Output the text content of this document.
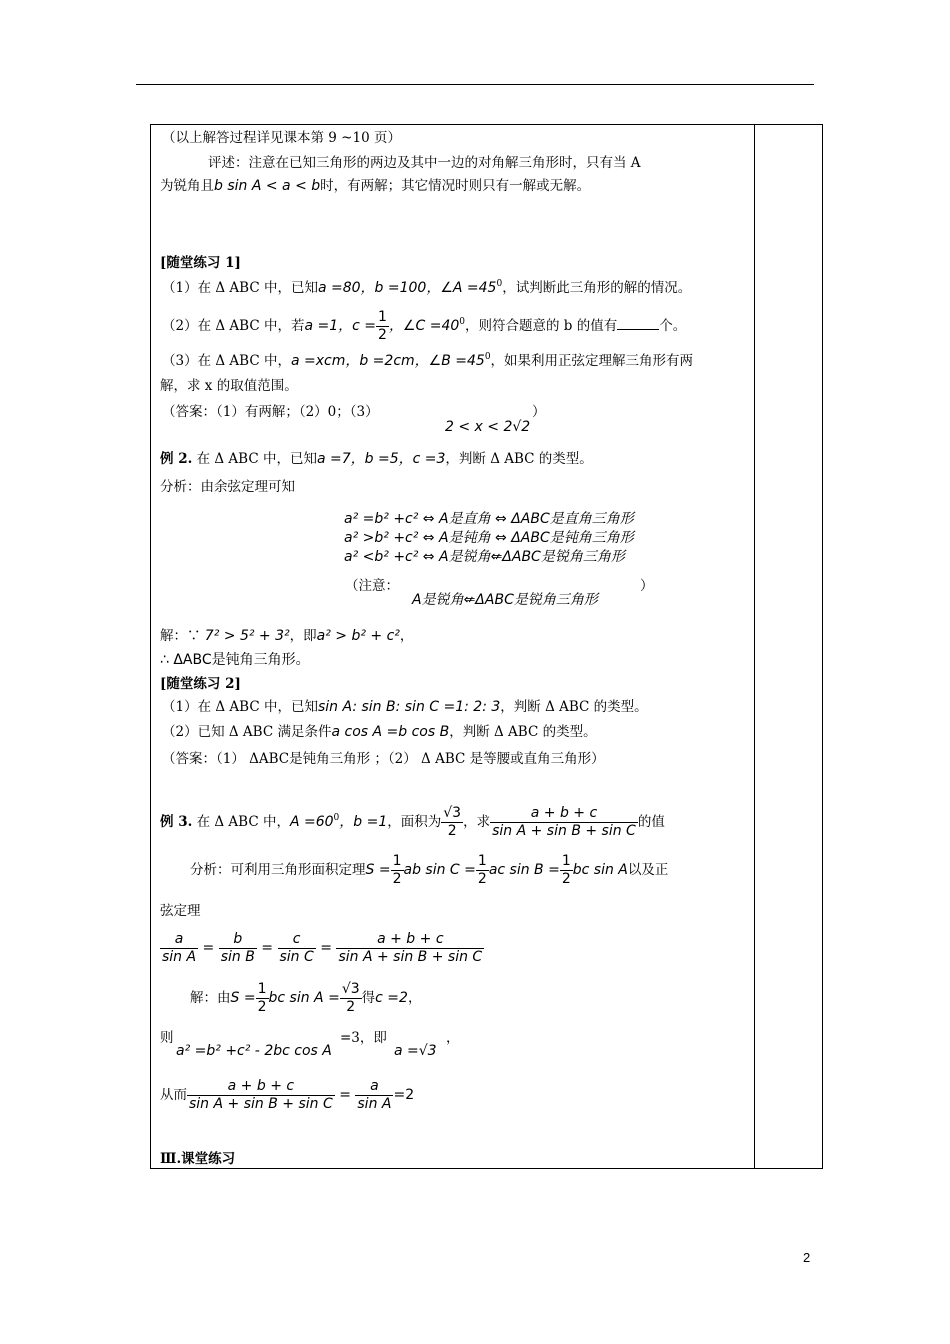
（以上解答过程详见课本第 9 ~10 页）
评述：注意在已知三角形的两边及其中一边的对角解三角形时，只有当 A
为锐角且b sin A < a < b时，有两解；其它情况时则只有一解或无解。
[随堂练习 1]
（1）在 Δ ABC 中，已知a =80，b =100，∠A $=45^0$，试判断此三角形的解的情况。
（2）在 Δ ABC 中，若a =1，$c = \frac{1}{2}$ ，∠C $=40^0$，则符合题意的 b 的值有	个。
（3）在 Δ ABC 中，a =xcm，b =2cm，∠B $=45^0$，如果利用正弦定理解三角形有两
解，求 x 的取值范围。
（答案：（1）有两解；（2）0；（3）
2 < x < 2√2
）
例 2. 在 Δ ABC 中，已知a =7，b =5，c =3，判断 Δ ABC 的类型。
分析：由余弦定理可知
a² =b² +c² ⇔ A是直角 ⇔ ΔABC是直角三角形
a² >b² +c² ⇔ A是钝角 ⇔ ΔABC是钝角三角形
a² <b² +c² ⇔ A是锐角⇍ΔABC是锐角三角形
（注意：
A是锐角⇍ΔABC是锐角三角形
）
解：∵ 7² > 5² + 3²，即a² > b² + c²，
∴ ΔABC是钝角三角形。
[随堂练习 2]
（1）在 Δ ABC 中，已知sin A: sin B: sin C =1: 2: 3，判断 Δ ABC 的类型。
（2）已知 Δ ABC 满足条件a cos A =b cos B，判断 Δ ABC 的类型。
（答案：（1） ΔABC是钝角三角形 ；（2） Δ ABC 是等腰或直角三角形）
例 3. 在 Δ ABC 中，$A =60^0$，b =1，面积为 $\frac{√3}{2}$ ，求 $\frac{a + b + c}{\text{sin A + sin B + sin C}}$ 的值
分析：可利用三角形面积定理$S = \frac{1}{2}$ ab $\sin C = \frac{1}{2}$ ac $\sin B = \frac{1}{2}$ bc sin A以及正
弦定理
$\frac{a}{\text{sin A}} = \frac{b}{\text{sin B}} = \frac{c}{\text{sin C}} = \frac{a + b + c}{\text{sin A + sin B + sin C}}$
解：由$S = \frac{1}{2}$ bc $\sin A = \frac{√3}{2}$ 得c =2，
则
a² =b² +c² - 2bc cos A
=3，即
a =√3
，
从而 $\frac{a + b + c}{\text{sin A + sin B + sin C}} = \frac{a}{\text{sin A}} =2$
Ⅲ.课堂练习
2
